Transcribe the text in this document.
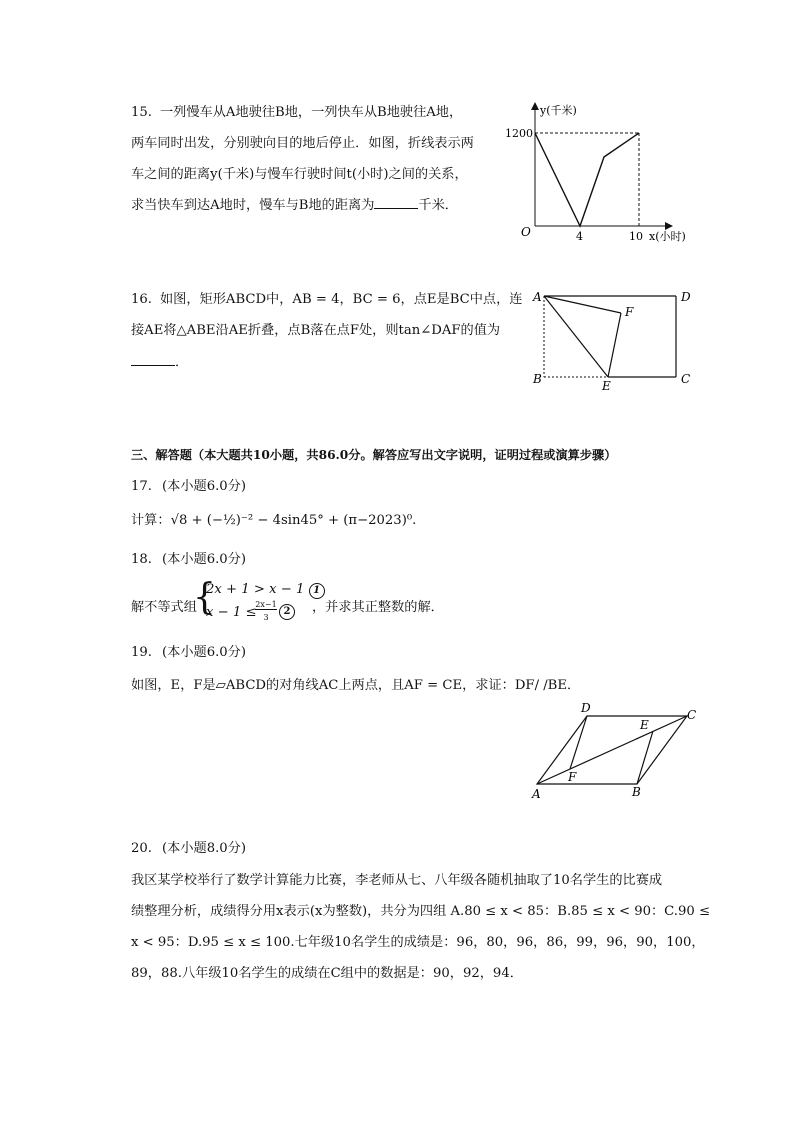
15. 一列慢车从A地驶往B地，一列快车从B地驶往A地，
两车同时出发，分别驶向目的地后停止．如图，折线表示两
车之间的距离y(千米)与慢车行驶时间t(小时)之间的关系，
求当快车到达A地时，慢车与B地的距离为	千米．
y(千米)
1200
O	4	10 x(小时)
16. 如图，矩形ABCD中，AB = 4，BC = 6，点E是BC中点，连
接AE将△ABE沿AE折叠，点B落在点F处，则tan∠DAF的值为
．
A	D
B	C
E
F
三、解答题（本大题共10小题，共86.0分。解答应写出文字说明，证明过程或演算步骤）
17. (本小题6.0分)
计算：√8 + (−½)⁻² − 4sin45° + (π−2023)⁰.
18. (本小题6.0分)
解不等式组
{
2x + 1 > x − 1 1
x − 1 ≤
2x−1
3
2	，并求其正整数的解．
19. (本小题6.0分)
如图，E，F是▱ABCD的对角线AC上两点，且AF = CE，求证：DF/ /BE．
A	B
C
D
E
F
20. (本小题8.0分)
我区某学校举行了数学计算能力比赛，李老师从七、八年级各随机抽取了10名学生的比赛成
绩整理分析，成绩得分用x表示(x为整数)，共分为四组 A.80 ≤ x < 85：B.85 ≤ x < 90：C.90 ≤
x < 95：D.95 ≤ x ≤ 100.七年级10名学生的成绩是：96，80，96，86，99，96，90，100，
89，88.八年级10名学生的成绩在C组中的数据是：90，92，94．
